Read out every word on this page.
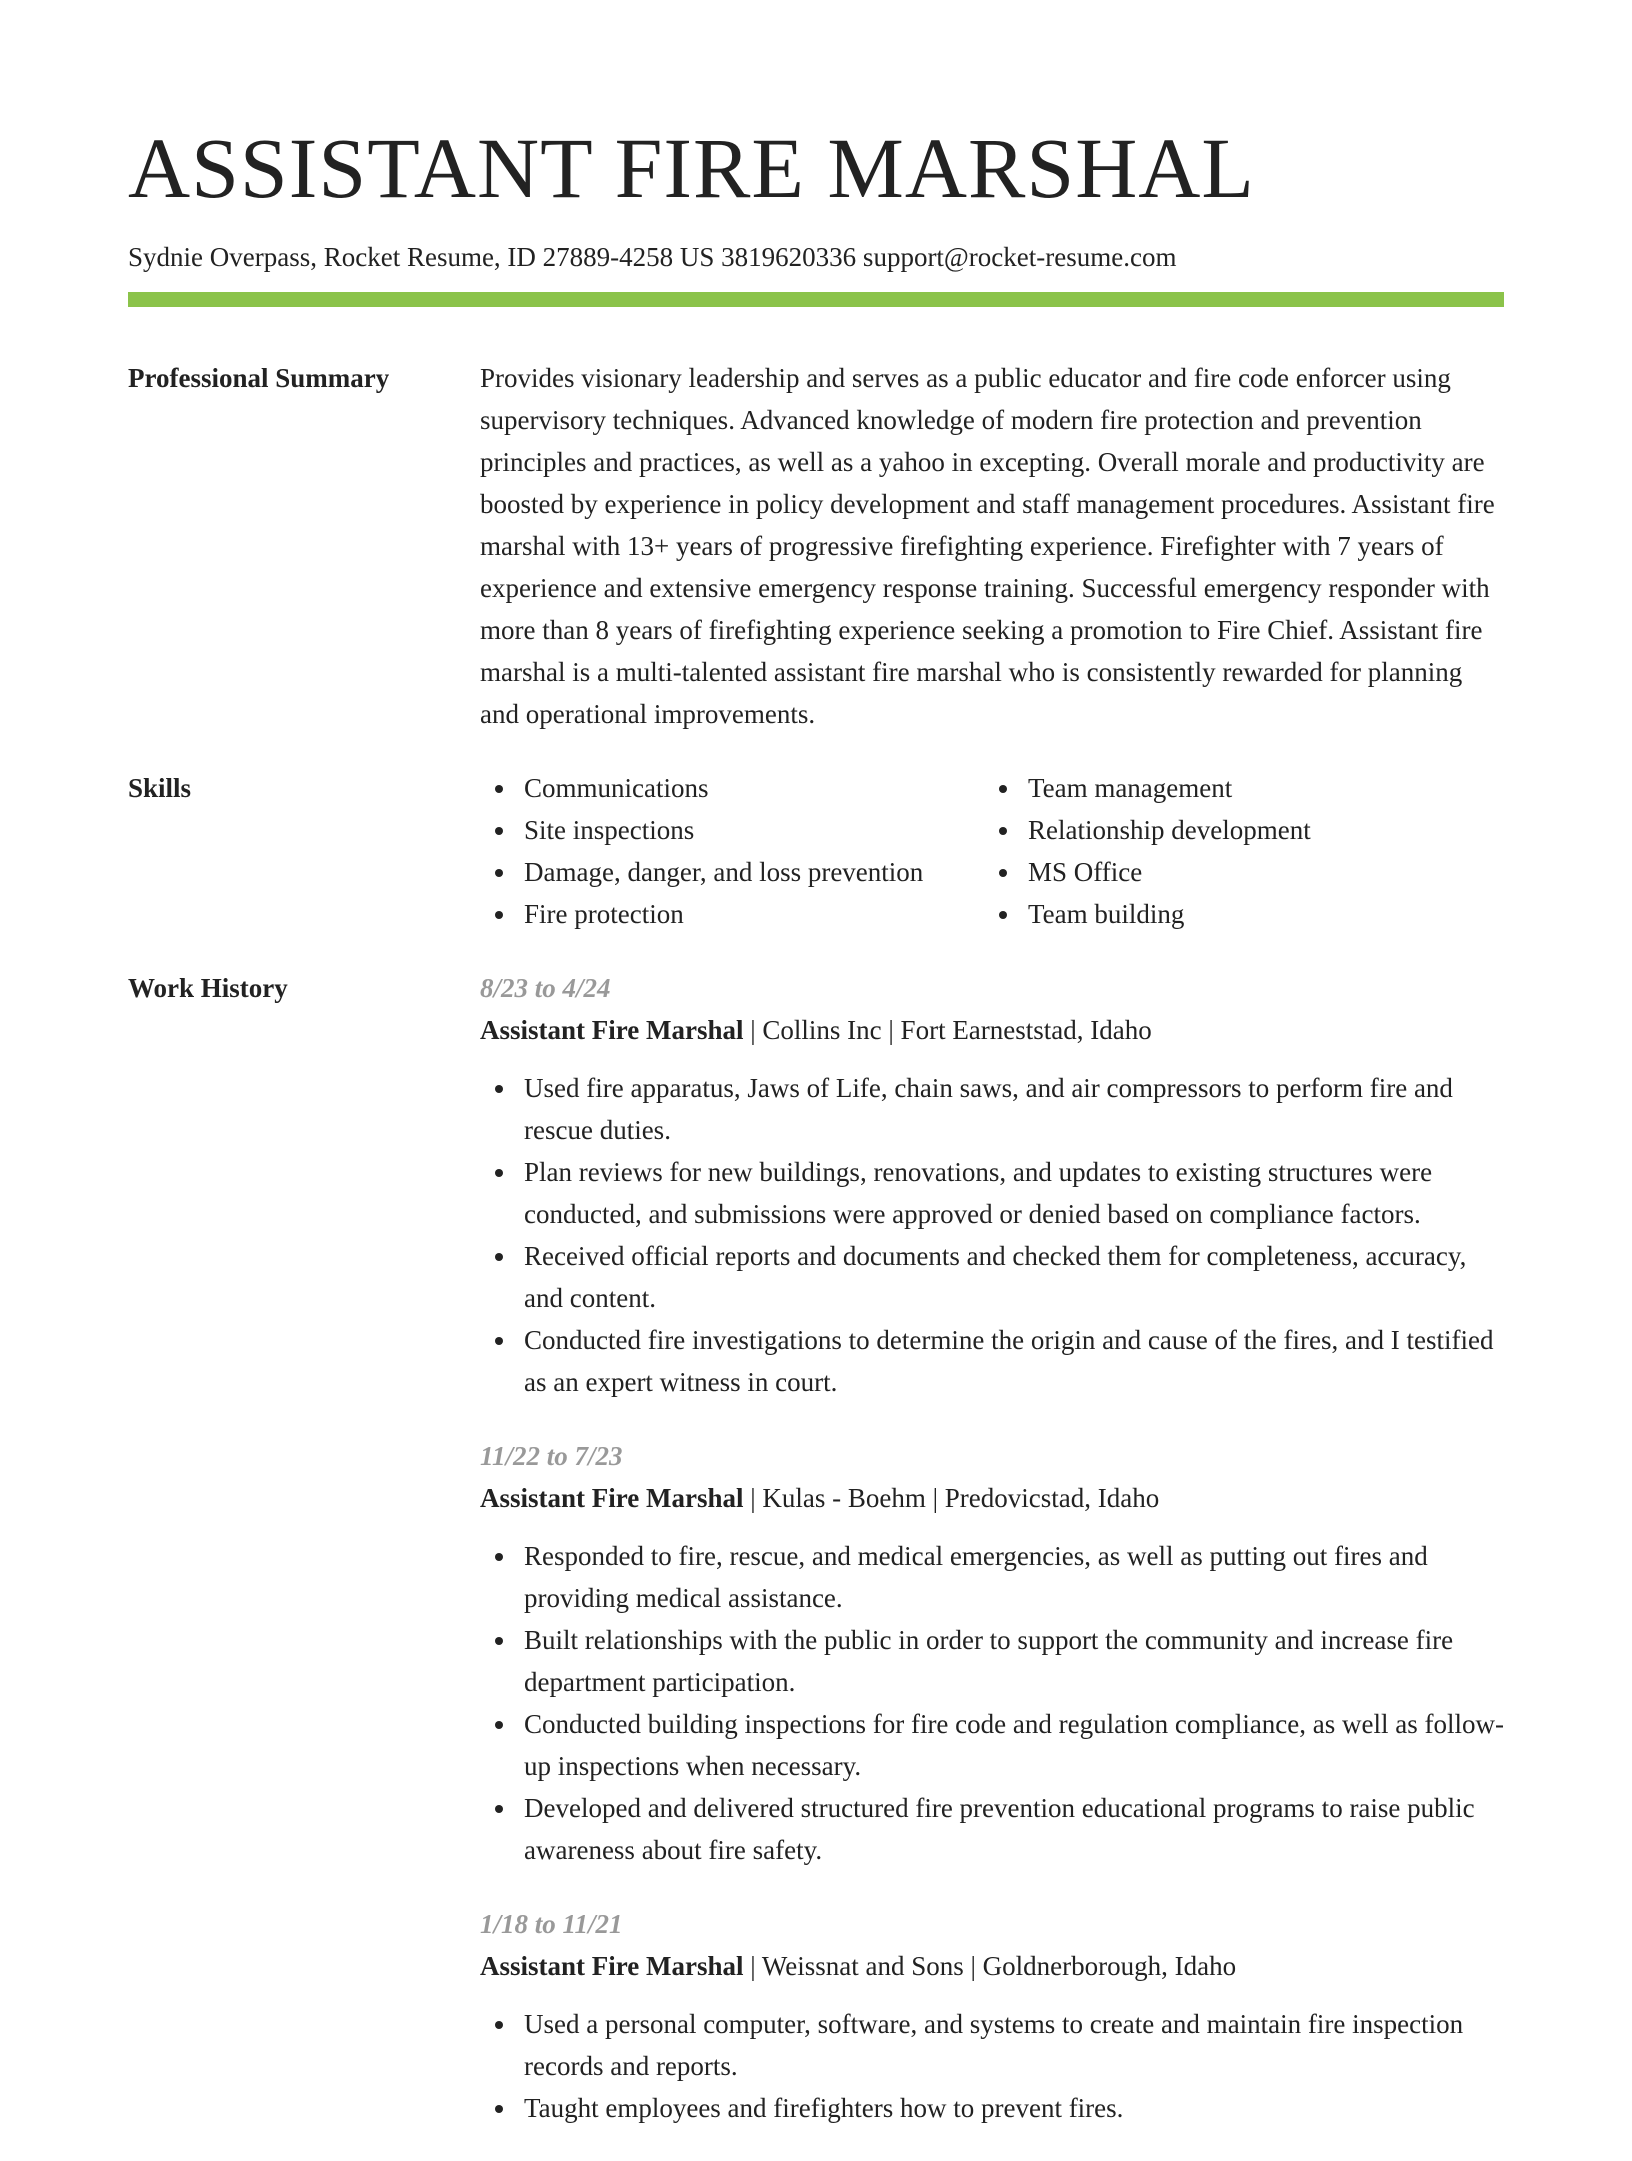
ASSISTANT FIRE MARSHAL
Sydnie Overpass, Rocket Resume, ID 27889-4258 US 3819620336 support@rocket-resume.com
Professional Summary	Provides visionary leadership and serves as a public educator and fire code enforcer using supervisory techniques. Advanced knowledge of modern fire protection and prevention principles and practices, as well as a yahoo in excepting. Overall morale and productivity are boosted by experience in policy development and staff management procedures. Assistant fire marshal with 13+ years of progressive firefighting experience. Firefighter with 7 years of experience and extensive emergency response training. Successful emergency responder with more than 8 years of firefighting experience seeking a promotion to Fire Chief. Assistant fire marshal is a multi-talented assistant fire marshal who is consistently rewarded for planning and operational improvements.

Skills	Communications
Site inspections
Damage, danger, and loss prevention
Fire protection
Team management
Relationship development
MS Office
Team building
Work History	8/23 to 4/24
Assistant Fire Marshal | Collins Inc | Fort Earneststad, Idaho
Used fire apparatus, Jaws of Life, chain saws, and air compressors to perform fire and rescue duties.
Plan reviews for new buildings, renovations, and updates to existing structures were conducted, and submissions were approved or denied based on compliance factors.
Received official reports and documents and checked them for completeness, accuracy, and content.
Conducted fire investigations to determine the origin and cause of the fires, and I testified as an expert witness in court.
11/22 to 7/23
Assistant Fire Marshal | Kulas - Boehm | Predovicstad, Idaho
Responded to fire, rescue, and medical emergencies, as well as putting out fires and providing medical assistance.
Built relationships with the public in order to support the community and increase fire department participation.
Conducted building inspections for fire code and regulation compliance, as well as follow-up inspections when necessary.
Developed and delivered structured fire prevention educational programs to raise public awareness about fire safety.
1/18 to 11/21
Assistant Fire Marshal | Weissnat and Sons | Goldnerborough, Idaho
Used a personal computer, software, and systems to create and maintain fire inspection records and reports.
Taught employees and firefighters how to prevent fires.
